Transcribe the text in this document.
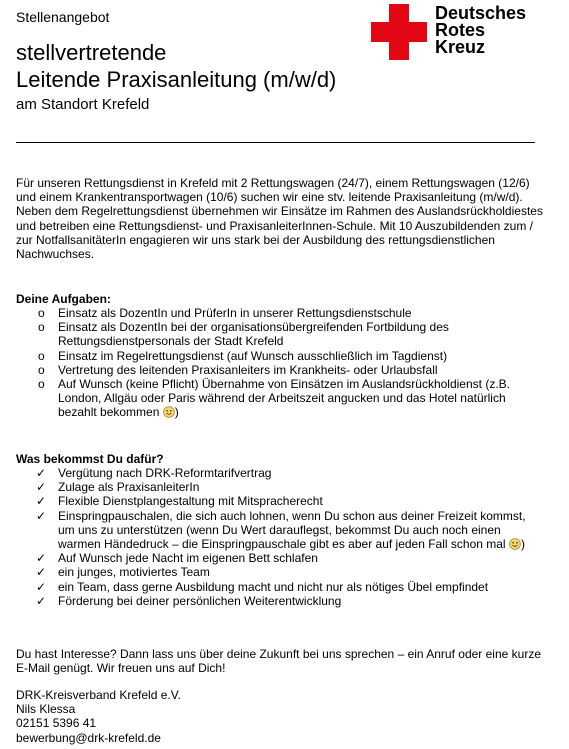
Stellenangebot
stellvertretende
Leitende Praxisanleitung (m/w/d)
am Standort Krefeld
Deutsches
Rotes
Kreuz
Für unseren Rettungsdienst in Krefeld mit 2 Rettungswagen (24/7), einem Rettungswagen (12/6) und einem Krankentransportwagen (10/6) suchen wir eine stv. leitende Praxisanleitung (m/w/d). Neben dem Regelrettungsdienst übernehmen wir Einsätze im Rahmen des Auslandsrückholdiestes und betreiben eine Rettungsdienst- und PraxisanleiterInnen-Schule. Mit 10 Auszubildenden zum / zur NotfallsanitäterIn engagieren wir uns stark bei der Ausbildung des rettungsdienstlichen Nachwuchses.
Deine Aufgaben:
o Einsatz als DozentIn und PrüferIn in unserer Rettungsdienstschule
o Einsatz als DozentIn bei der organisationsübergreifenden Fortbildung des Rettungsdienstpersonals der Stadt Krefeld
o Einsatz im Regelrettungsdienst (auf Wunsch ausschließlich im Tagdienst)
o Vertretung des leitenden Praxisanleiters im Krankheits- oder Urlaubsfall
o Auf Wunsch (keine Pflicht) Übernahme von Einsätzen im Auslandsrückholdienst (z.B. London, Allgäu oder Paris während der Arbeitszeit angucken und das Hotel natürlich bezahlt bekommen )
Was bekommst Du dafür?
✓ Vergütung nach DRK-Reformtarifvertrag
✓ Zulage als PraxisanleiterIn
✓ Flexible Dienstplangestaltung mit Mitspracherecht
✓ Einspringpauschalen, die sich auch lohnen, wenn Du schon aus deiner Freizeit kommst, um uns zu unterstützen (wenn Du Wert darauflegst, bekommst Du auch noch einen warmen Händedruck – die Einspringpauschale gibt es aber auf jeden Fall schon mal )
✓ Auf Wunsch jede Nacht im eigenen Bett schlafen
✓ ein junges, motiviertes Team
✓ ein Team, dass gerne Ausbildung macht und nicht nur als nötiges Übel empfindet
✓ Förderung bei deiner persönlichen Weiterentwicklung
Du hast Interesse? Dann lass uns über deine Zukunft bei uns sprechen – ein Anruf oder eine kurze E-Mail genügt. Wir freuen uns auf Dich!
DRK-Kreisverband Krefeld e.V.
Nils Klessa
02151 5396 41
bewerbung@drk-krefeld.de
